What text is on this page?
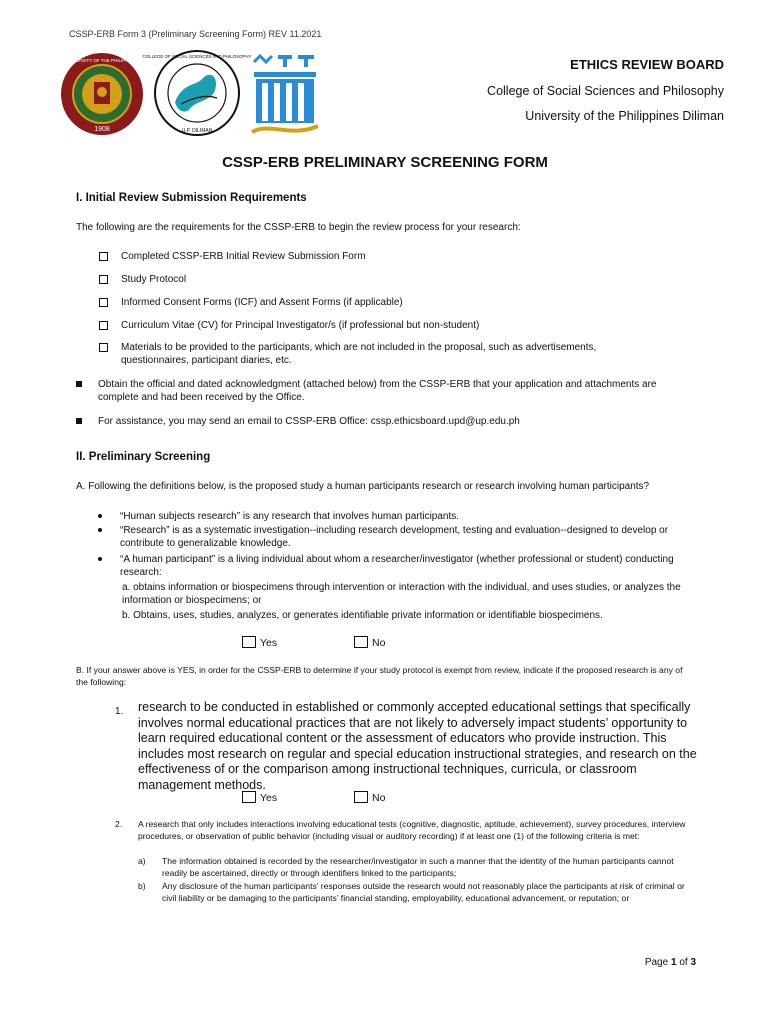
CSSP-ERB Form 3 (Preliminary Screening Form) REV 11.2021
1908
UNIVERSITY OF THE PHILIPPINES
COLLEGE OF SOCIAL SCIENCES AND PHILOSOPHY
U.P. DILIMAN
ETHICS REVIEW BOARD
College of Social Sciences and Philosophy
University of the Philippines Diliman
CSSP-ERB PRELIMINARY SCREENING FORM
I. Initial Review Submission Requirements
The following are the requirements for the CSSP-ERB to begin the review process for your research:
Completed CSSP-ERB Initial Review Submission Form
Study Protocol
Informed Consent Forms (ICF) and Assent Forms (if applicable)
Curriculum Vitae (CV) for Principal Investigator/s (if professional but non-student)
Materials to be provided to the participants, which are not included in the proposal, such as advertisements, questionnaires, participant diaries, etc.
Obtain the official and dated acknowledgment (attached below) from the CSSP-ERB that your application and attachments are complete and had been received by the Office.
For assistance, you may send an email to CSSP-ERB Office: cssp.ethicsboard.upd@up.edu.ph
II. Preliminary Screening
A. Following the definitions below, is the proposed study a human participants research or research involving human participants?
“Human subjects research” is any research that involves human participants.
“Research” is as a systematic investigation--including research development, testing and evaluation--designed to develop or contribute to generalizable knowledge.
“A human participant” is a living individual about whom a researcher/investigator (whether professional or student) conducting research:
a. obtains information or biospecimens through intervention or interaction with the individual, and uses studies, or analyzes the information or biospecimens; or
b. Obtains, uses, studies, analyzes, or generates identifiable private information or identifiable biospecimens.
Yes	No
B. If your answer above is YES, in order for the CSSP-ERB to determine if your study protocol is exempt from review, indicate if the proposed research is any of the following:
1. research to be conducted in established or commonly accepted educational settings that specifically involves normal educational practices that are not likely to adversely impact students’ opportunity to learn required educational content or the assessment of educators who provide instruction. This includes most research on regular and special education instructional strategies, and research on the effectiveness of or the comparison among instructional techniques, curricula, or classroom management methods.
Yes	No
2. A research that only includes interactions involving educational tests (cognitive, diagnostic, aptitude, achievement), survey procedures, interview procedures, or observation of public behavior (including visual or auditory recording) if at least one (1) of the following criteria is met:
a) The information obtained is recorded by the researcher/investigator in such a manner that the identity of the human participants cannot readily be ascertained, directly or through identifiers linked to the participants;
b) Any disclosure of the human participants’ responses outside the research would not reasonably place the participants at risk of criminal or civil liability or be damaging to the participants’ financial standing, employability, educational advancement, or reputation; or
Page 1 of 3
